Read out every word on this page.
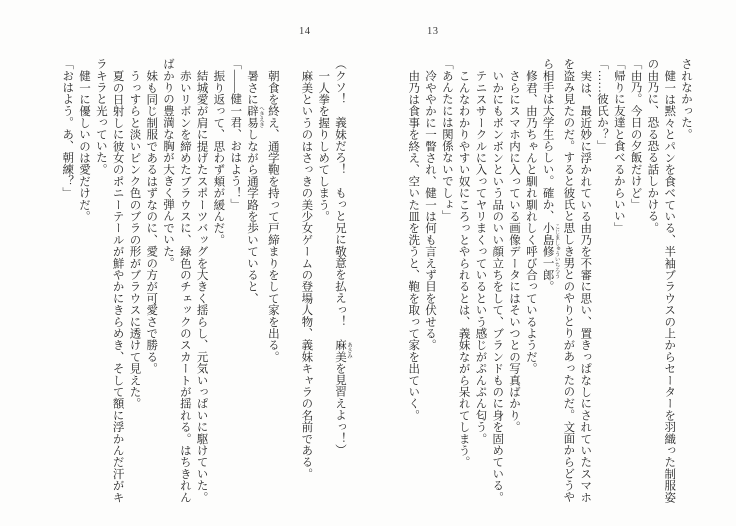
14	13
されなかった。
健一は黙々とパンを食べている、半袖ブラウスの上からセーターを羽織った制服姿
の由乃に、恐る恐る話しかける。
「由乃。今日の夕飯だけど」
「帰りに友達と食べるからいい」
「……彼氏か？」
実は、最近妙に浮かれている由乃を不審に思い、置きっぱなしにされていたスマホ
を盗み見たのだ。すると彼氏と思しき男とのやりとりがあったのだ。文面からどうや
ら相手は大学生らしい。確か、小島修一郎 こじましゅういちろう。
修君、由乃ちゃんと馴れ馴れしく呼び合っているようだ。
さらにスマホ内に入っている画像データにはそいつとの写真ばかり。
いかにもボンボンという品のいい顔立ちをして、ブランドものに身を固めている。
テニスサークルに入ってヤリまくっているという感じがぷんぷん匂う。
こんなわかりやすい奴にころっとやられるとは、義妹ながら呆れてしまう。
「あんたには関係ないでしょ」
冷ややかに一瞥され、健一は何も言えず目を伏せる。
由乃は食事を終え、空いた皿を洗うと、鞄を取って家を出ていく。
（クソ！　義妹だろ！　もっと兄に敬意を払えっ！　麻美 あさみを見習えよっ！）
一人拳を握りしめてしまう。
麻美というのはさっきの美少女ゲームの登場人物、義妹キャラの名前である。

朝食を終え、通学鞄を持って戸締まりをして家を出る。
暑さに辟易 へきえきしながら通学路を歩いていると、
「――健一君、おはよう！」
振り返って、思わず頬が緩んだ。
結城愛が肩に提げたスポーツバッグを大きく揺らし、元気いっぱいに駆けていた。
赤いリボンを締めたブラウスに、緑色のチェックのスカートが揺れる。はちきれん
ばかりの豊満な胸が大きく弾んでいた。
妹も同じ制服であるはずなのに、愛の方が可愛さで勝る。
うっすらと淡いピンク色のブラの形がブラウスに透けて見えた。
夏の日射しに彼女のポニーテールが鮮やかにきらめき、そして額に浮かんだ汗がキ
ラキラと光っていた。
健一に優しいのは愛だけだ。
「おはよう。あ、朝練？」
